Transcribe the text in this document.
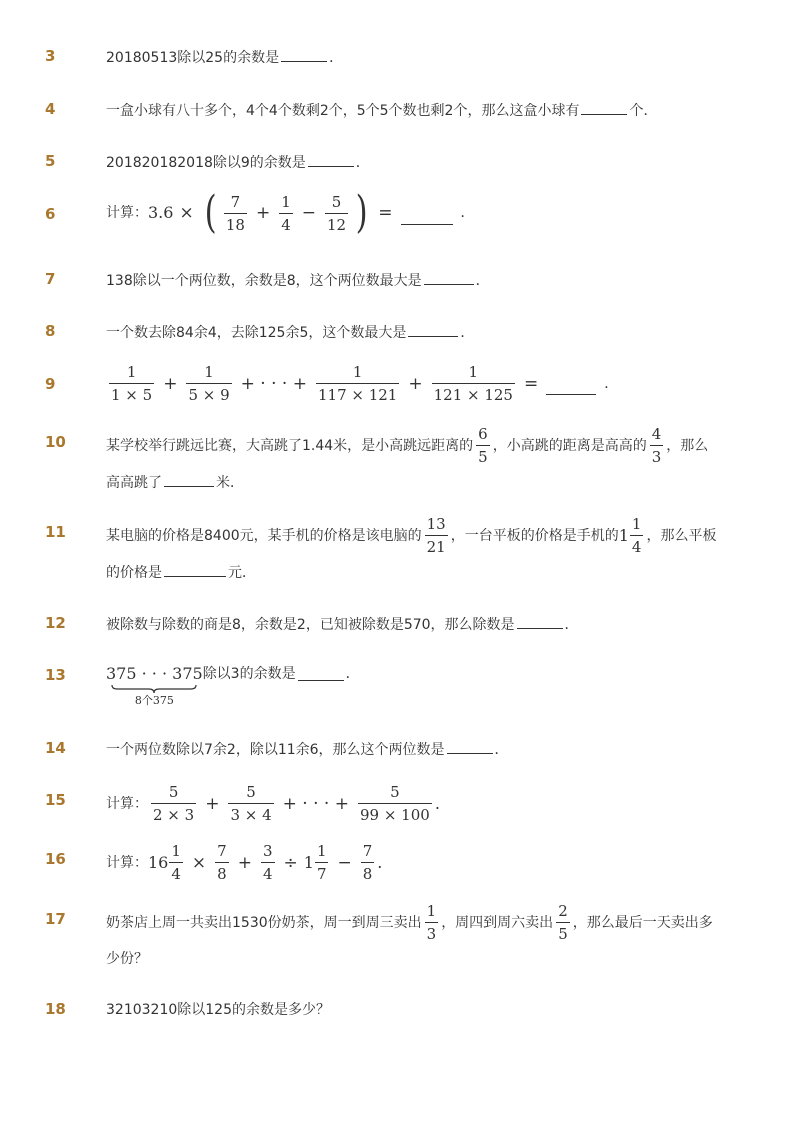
3	20180513除以25的余数是	．
4	一盒小球有八十多个，4个4个数剩2个，5个5个数也剩2个，那么这盒小球有	个．
5	201820182018除以9的余数是	．
6	计算： 3.6 × ( $\frac{7}{18} + \frac{1}{4} - \frac{5}{12}$ ) =	．
7	138除以一个两位数，余数是8，这个两位数最大是	．
8	一个数去除84余4，去除125余5，这个数最大是	．
9	$\frac{1}{1 \times 5} + \frac{1}{5 \times 9}$ + · · · + $\frac{1}{117 \times 121} + \frac{1}{121 \times 125}$ =	．
10	某学校举行跳远比赛，大高跳了1.44米，是小高跳远距离的 $\frac{6}{5}$ ，小高跳的距离是高高的 $\frac{4}{3}$ ，那么
高高跳了	米．
11	某电脑的价格是8400元，某手机的价格是该电脑的 $\frac{13}{21}$ ，一台平板的价格是手机的 $1 \frac{1}{4}$ ，那么平板
的价格是	元．
12	被除数与除数的商是8，余数是2，已知被除数是570，那么除数是	．
13	375 · · · 375
8个375
除以3的余数是	．
14	一个两位数除以7余2，除以11余6，那么这个两位数是	．
15	计算： $\frac{5}{2 \times 3} + \frac{5}{3 \times 4}$ + · · · + $\frac{5}{99 \times 100}$ .
16	计算： $16 \frac{1}{4} \times \frac{7}{8} + \frac{3}{4} \div 1 \frac{1}{7} - \frac{7}{8}$ .
17	奶茶店上周一共卖出1530份奶茶，周一到周三卖出 $\frac{1}{3}$ ，周四到周六卖出 $\frac{2}{5}$ ，那么最后一天卖出多
少份？
18	32103210除以125的余数是多少？
